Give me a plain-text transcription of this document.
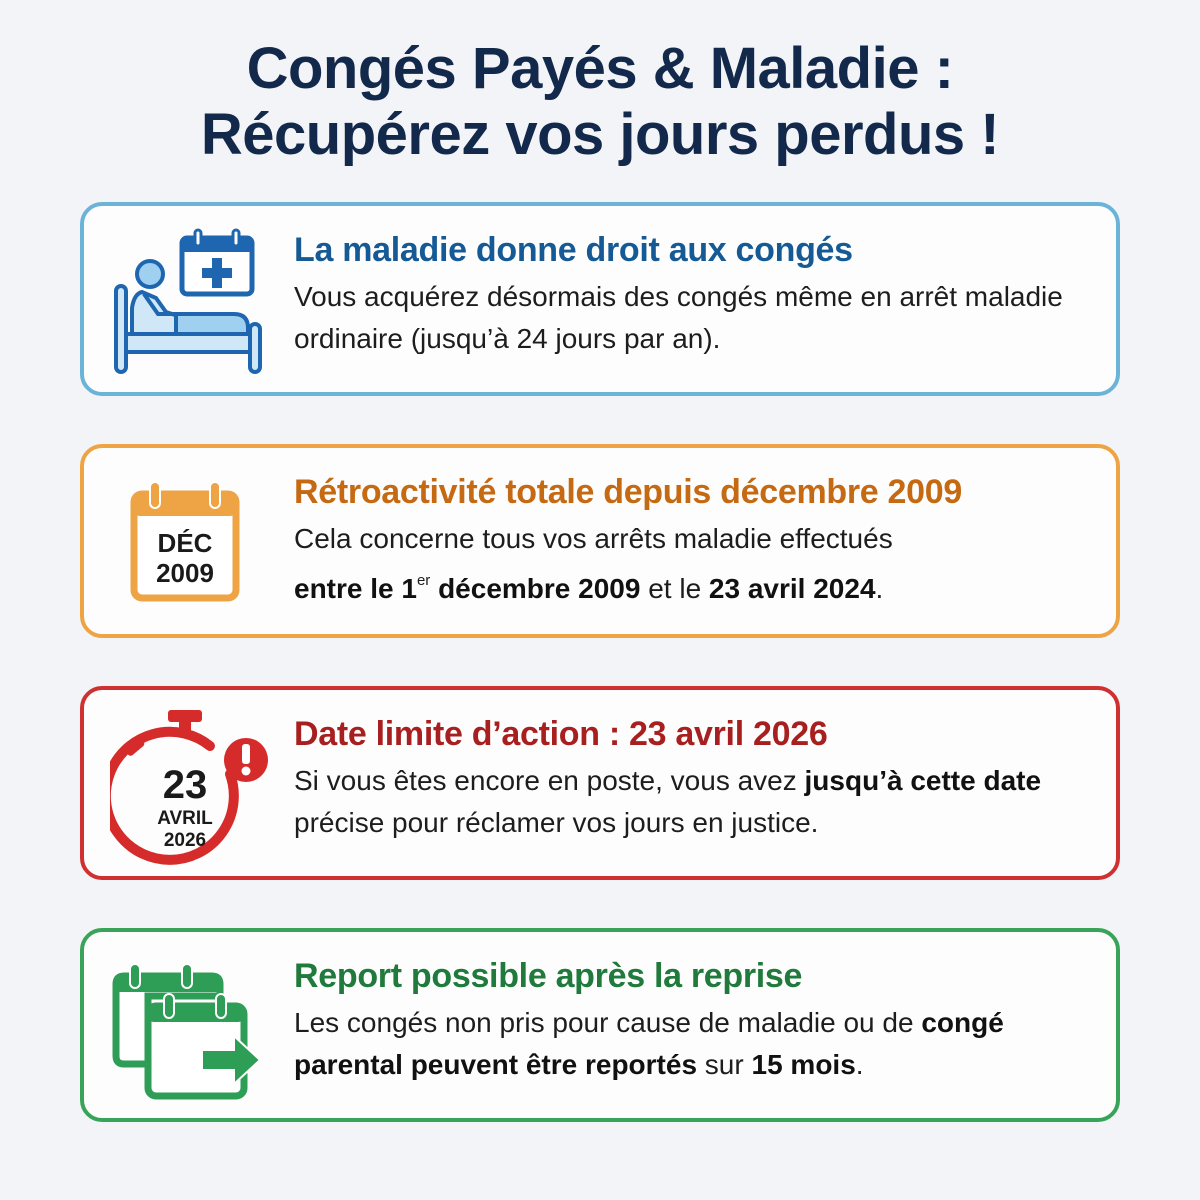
Congés Payés & Maladie :
Récupérez vos jours perdus !
La maladie donne droit aux congés

Vous acquérez désormais des congés même en arrêt maladie ordinaire (jusqu’à 24 jours par an).

DÉC
2009
Rétroactivité totale depuis décembre 2009

Cela concerne tous vos arrêts maladie effectués
entre le 1er décembre 2009 et le 23 avril 2024.

23
AVRIL
2026
Date limite d’action : 23 avril 2026

Si vous êtes encore en poste, vous avez jusqu’à cette date précise pour réclamer vos jours en justice.

Report possible après la reprise

Les congés non pris pour cause de maladie ou de congé parental peuvent être reportés sur 15 mois.
